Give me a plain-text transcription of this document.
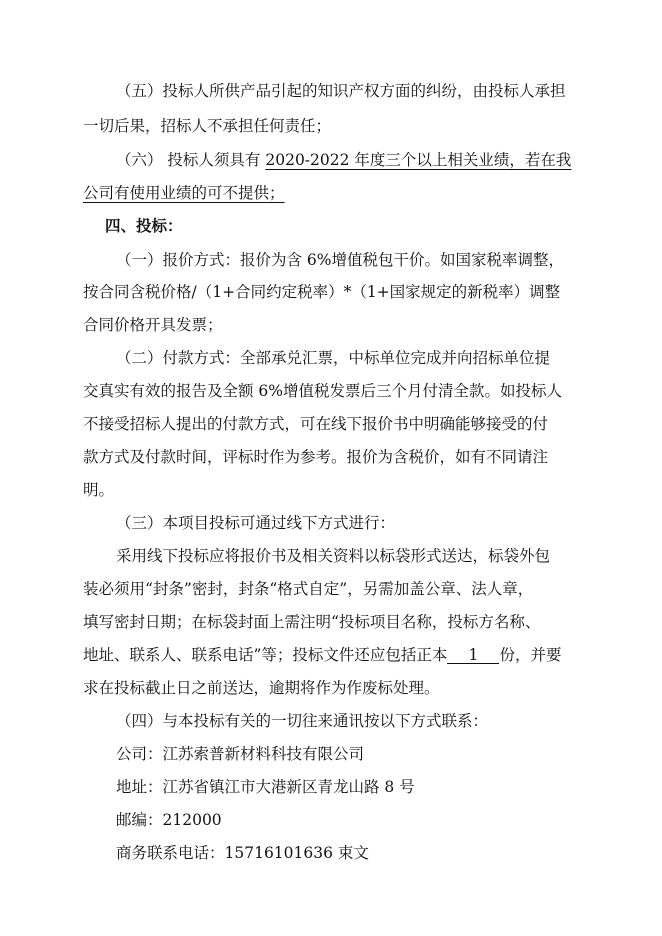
（五）投标人所供产品引起的知识产权方面的纠纷，由投标人承担
一切后果，招标人不承担任何责任；
（六） 投标人须具有 2020-2022 年度三个以上相关业绩，若在我
公司有使用业绩的可不提供；
四、投标：
（一）报价方式：报价为含 6%增值税包干价。如国家税率调整，
按合同含税价格/（1+合同约定税率）*（1+国家规定的新税率）调整
合同价格开具发票；
（二）付款方式：全部承兑汇票，中标单位完成并向招标单位提
交真实有效的报告及全额 6%增值税发票后三个月付清全款。如投标人
不接受招标人提出的付款方式，可在线下报价书中明确能够接受的付
款方式及付款时间，评标时作为参考。报价为含税价，如有不同请注
明。
（三）本项目投标可通过线下方式进行：
采用线下投标应将报价书及相关资料以标袋形式送达，标袋外包
装必须用“封条”密封，封条“格式自定”，另需加盖公章、法人章，
填写密封日期；在标袋封面上需注明“投标项目名称，投标方名称、
地址、联系人、联系电话”等；投标文件还应包括正本 1 份，并要
求在投标截止日之前送达，逾期将作为作废标处理。
（四）与本投标有关的一切往来通讯按以下方式联系：
公司：江苏索普新材料科技有限公司
地址：江苏省镇江市大港新区青龙山路 8 号
邮编：212000
商务联系电话：15716101636 束文
